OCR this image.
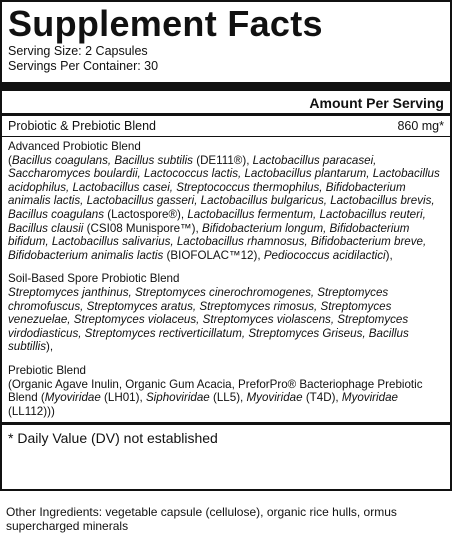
Supplement Facts
Serving Size: 2 Capsules
Servings Per Container: 30
Amount Per Serving
Probiotic & Prebiotic Blend	860 mg*
Advanced Probiotic Blend
(Bacillus coagulans, Bacillus subtilis (DE111®), Lactobacillus paracasei, Saccharomyces boulardii, Lactococcus lactis, Lactobacillus plantarum, Lactobacillus acidophilus, Lactobacillus casei, Streptococcus thermophilus, Bifidobacterium animalis lactis, Lactobacillus gasseri, Lactobacillus bulgaricus, Lactobacillus brevis, Bacillus coagulans (Lactospore®), Lactobacillus fermentum, Lactobacillus reuteri, Bacillus clausii (CSI08 Munispore™), Bifidobacterium longum, Bifidobacterium bifidum, Lactobacillus salivarius, Lactobacillus rhamnosus, Bifidobacterium breve, Bifidobacterium animalis lactis (BIOFOLAC™12), Pediococcus acidilactici),
Soil-Based Spore Probiotic Blend
Streptomyces janthinus, Streptomyces cinerochromogenes, Streptomyces chromofuscus, Streptomyces aratus, Streptomyces rimosus, Streptomyces venezuelae, Streptomyces violaceus, Streptomyces violascens, Streptomyces virdodiasticus, Streptomyces rectiverticillatum, Streptomyces Griseus, Bacillus subtillis),
Prebiotic Blend
(Organic Agave Inulin, Organic Gum Acacia, PreforPro® Bacteriophage Prebiotic Blend (Myoviridae (LH01), Siphoviridae (LL5), Myoviridae (T4D), Myoviridae (LL112)))
* Daily Value (DV) not established
Other Ingredients: vegetable capsule (cellulose), organic rice hulls, ormus supercharged minerals
